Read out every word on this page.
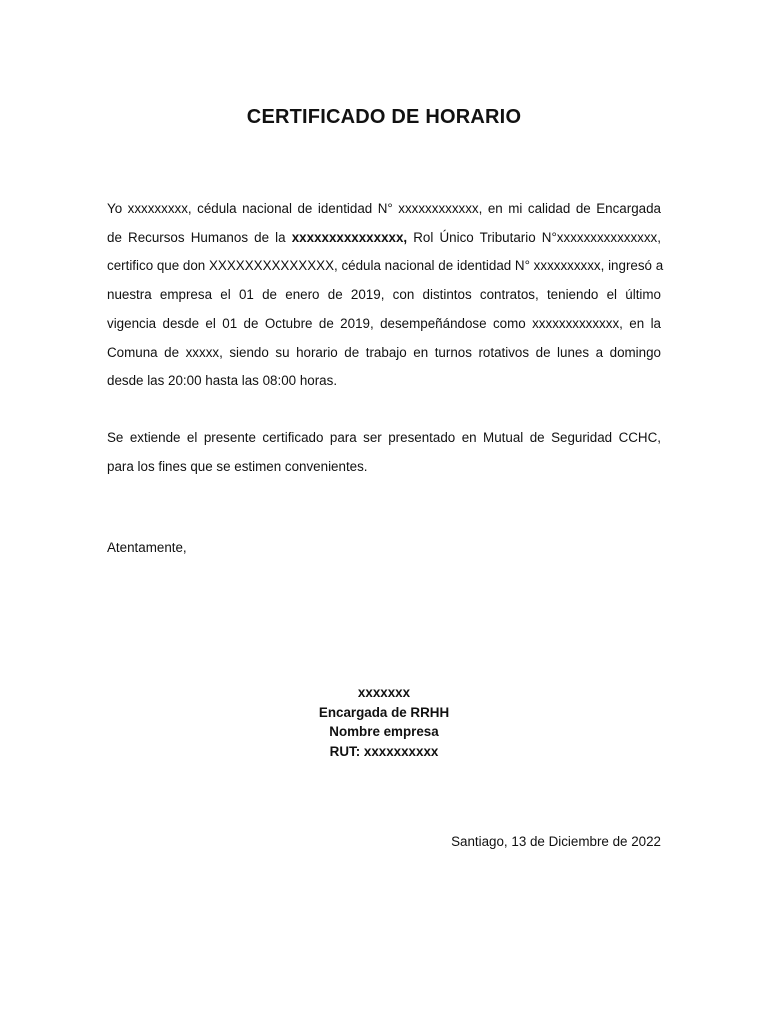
CERTIFICADO DE HORARIO
Yo xxxxxxxxx, cédula nacional de identidad N° xxxxxxxxxxxx, en mi calidad de Encargada
de Recursos Humanos de la xxxxxxxxxxxxxxx, Rol Único Tributario N°xxxxxxxxxxxxxxx,
certifico que don XXXXXXXXXXXXXX, cédula nacional de identidad N° xxxxxxxxxx, ingresó a
nuestra empresa el 01 de enero de 2019, con distintos contratos, teniendo el último
vigencia desde el 01 de Octubre de 2019, desempeñándose como xxxxxxxxxxxxx, en la
Comuna de xxxxx, siendo su horario de trabajo en turnos rotativos de lunes a domingo
desde las 20:00 hasta las 08:00 horas.
Se extiende el presente certificado para ser presentado en Mutual de Seguridad CCHC,
para los fines que se estimen convenientes.

Atentamente,

xxxxxxx
Encargada de RRHH
Nombre empresa
RUT: xxxxxxxxxx
Santiago, 13 de Diciembre de 2022
